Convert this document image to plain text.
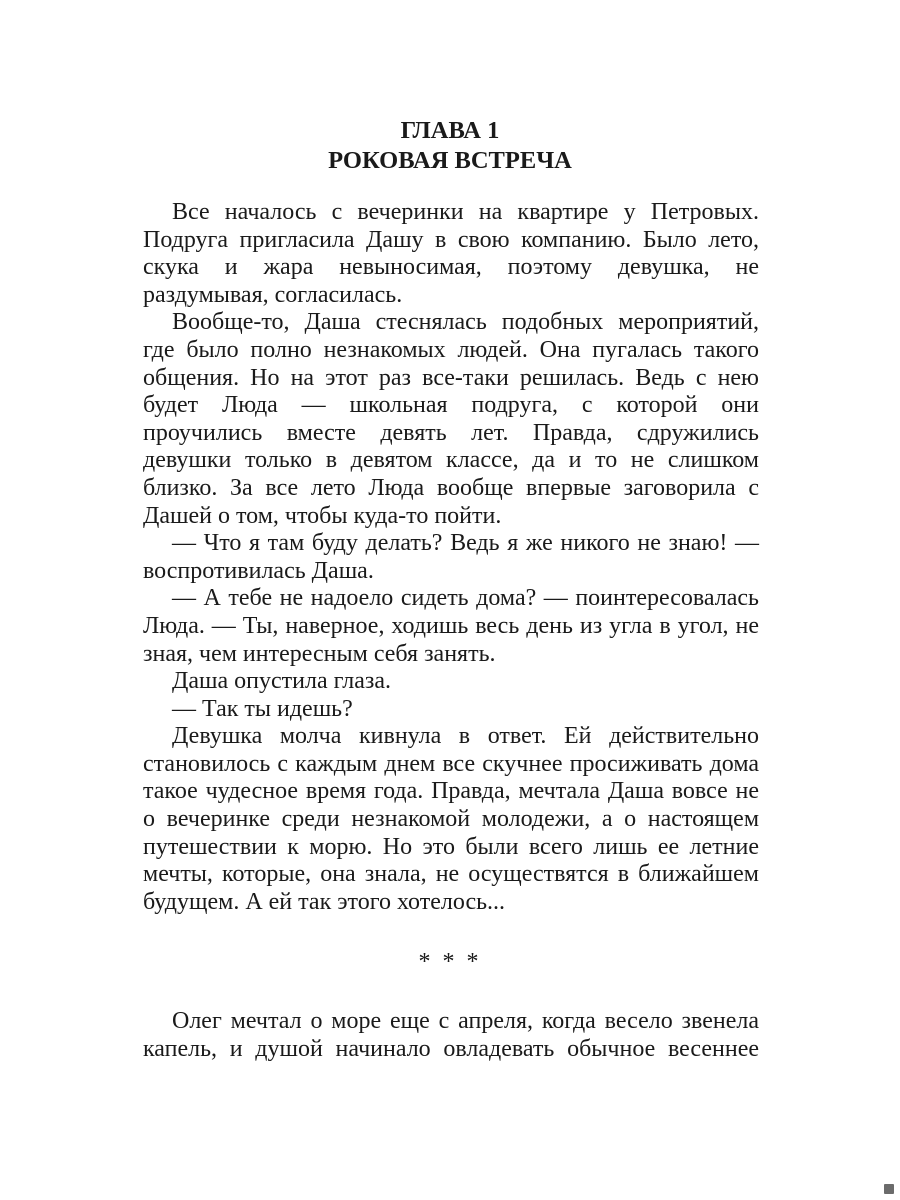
ГЛАВА 1
РОКОВАЯ ВСТРЕЧА

Все началось с вечеринки на квартире у Петровых. Подруга пригласила Дашу в свою компанию. Было лето, скука и жара невыносимая, поэтому девушка, не раздумывая, согласилась.

Вообще-то, Даша стеснялась подобных мероприятий, где было полно незнакомых людей. Она пугалась такого общения. Но на этот раз все-таки решилась. Ведь с нею будет Люда — школьная подруга, с которой они проучились вместе девять лет. Правда, сдружились девушки только в девятом классе, да и то не слишком близко. За все лето Люда вообще впервые заговорила с Дашей о том, чтобы куда-то пойти.

— Что я там буду делать? Ведь я же никого не знаю! — воспротивилась Даша.

— А тебе не надоело сидеть дома? — поинтересовалась Люда. — Ты, наверное, ходишь весь день из угла в угол, не зная, чем интересным себя занять.

Даша опустила глаза.

— Так ты идешь?

Девушка молча кивнула в ответ. Ей действительно становилось с каждым днем все скучнее просиживать дома такое чудесное время года. Правда, мечтала Даша вовсе не о вечеринке среди незнакомой молодежи, а о настоящем путешествии к морю. Но это были всего лишь ее летние мечты, которые, она знала, не осуществятся в ближайшем будущем. А ей так этого хотелось...

* * *

Олег мечтал о море еще с апреля, когда весело звенела капель, и душой начинало овладевать обычное весеннее
